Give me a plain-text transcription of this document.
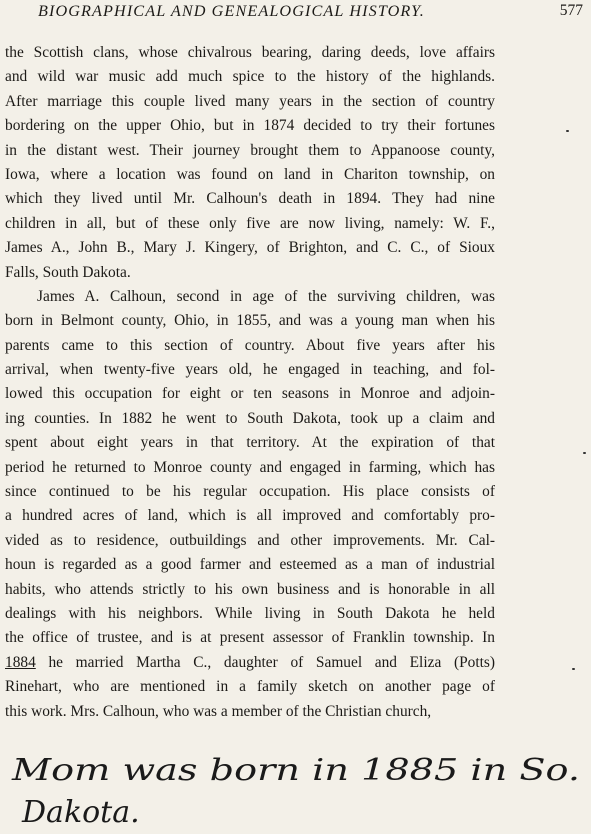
BIOGRAPHICAL AND GENEALOGICAL HISTORY.	577
the Scottish clans, whose chivalrous bearing, daring deeds, love affairs
and wild war music add much spice to the history of the highlands.
After marriage this couple lived many years in the section of country
bordering on the upper Ohio, but in 1874 decided to try their fortunes
in the distant west. Their journey brought them to Appanoose county,
Iowa, where a location was found on land in Chariton township, on
which they lived until Mr. Calhoun's death in 1894. They had nine
children in all, but of these only five are now living, namely: W. F.,
James A., John B., Mary J. Kingery, of Brighton, and C. C., of Sioux
Falls, South Dakota.
James A. Calhoun, second in age of the surviving children, was
born in Belmont county, Ohio, in 1855, and was a young man when his
parents came to this section of country. About five years after his
arrival, when twenty-five years old, he engaged in teaching, and fol-
lowed this occupation for eight or ten seasons in Monroe and adjoin-
ing counties. In 1882 he went to South Dakota, took up a claim and
spent about eight years in that territory. At the expiration of that
period he returned to Monroe county and engaged in farming, which has
since continued to be his regular occupation. His place consists of
a hundred acres of land, which is all improved and comfortably pro-
vided as to residence, outbuildings and other improvements. Mr. Cal-
houn is regarded as a good farmer and esteemed as a man of industrial
habits, who attends strictly to his own business and is honorable in all
dealings with his neighbors. While living in South Dakota he held
the office of trustee, and is at present assessor of Franklin township. In
1884 he married Martha C., daughter of Samuel and Eliza (Potts)
Rinehart, who are mentioned in a family sketch on another page of
this work. Mrs. Calhoun, who was a member of the Christian church,
Mom was born in 1885 in So.
Dakota.
